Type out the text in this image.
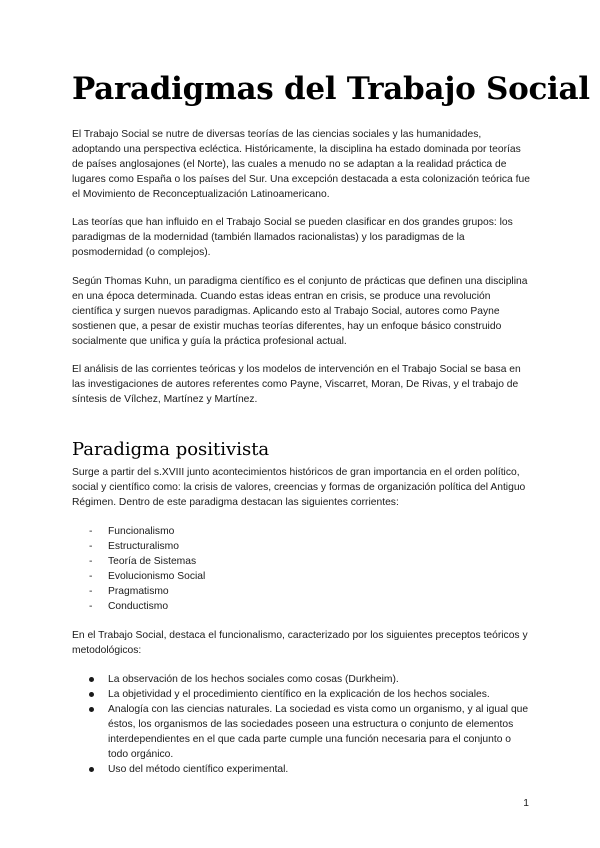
Paradigmas del Trabajo Social

El Trabajo Social se nutre de diversas teorías de las ciencias sociales y las humanidades, adoptando una perspectiva ecléctica. Históricamente, la disciplina ha estado dominada por teorías de países anglosajones (el Norte), las cuales a menudo no se adaptan a la realidad práctica de lugares como España o los países del Sur. Una excepción destacada a esta colonización teórica fue el Movimiento de Reconceptualización Latinoamericano.

Las teorías que han influido en el Trabajo Social se pueden clasificar en dos grandes grupos: los paradigmas de la modernidad (también llamados racionalistas) y los paradigmas de la posmodernidad (o complejos).

Según Thomas Kuhn, un paradigma científico es el conjunto de prácticas que definen una disciplina en una época determinada. Cuando estas ideas entran en crisis, se produce una revolución científica y surgen nuevos paradigmas. Aplicando esto al Trabajo Social, autores como Payne sostienen que, a pesar de existir muchas teorías diferentes, hay un enfoque básico construido socialmente que unifica y guía la práctica profesional actual.

El análisis de las corrientes teóricas y los modelos de intervención en el Trabajo Social se basa en las investigaciones de autores referentes como Payne, Viscarret, Moran, De Rivas, y el trabajo de síntesis de Vílchez, Martínez y Martínez.

Paradigma positivista

Surge a partir del s.XVIII junto acontecimientos históricos de gran importancia en el orden político, social y científico como: la crisis de valores, creencias y formas de organización política del Antiguo Régimen. Dentro de este paradigma destacan las siguientes corrientes:

- Funcionalismo
- Estructuralismo
- Teoría de Sistemas
- Evolucionismo Social
- Pragmatismo
- Conductismo

En el Trabajo Social, destaca el funcionalismo, caracterizado por los siguientes preceptos teóricos y metodológicos:

La observación de los hechos sociales como cosas (Durkheim).
La objetividad y el procedimiento científico en la explicación de los hechos sociales.
Analogía con las ciencias naturales. La sociedad es vista como un organismo, y al igual que éstos, los organismos de las sociedades poseen una estructura o conjunto de elementos interdependientes en el que cada parte cumple una función necesaria para el conjunto o todo orgánico.
Uso del método científico experimental.
1
